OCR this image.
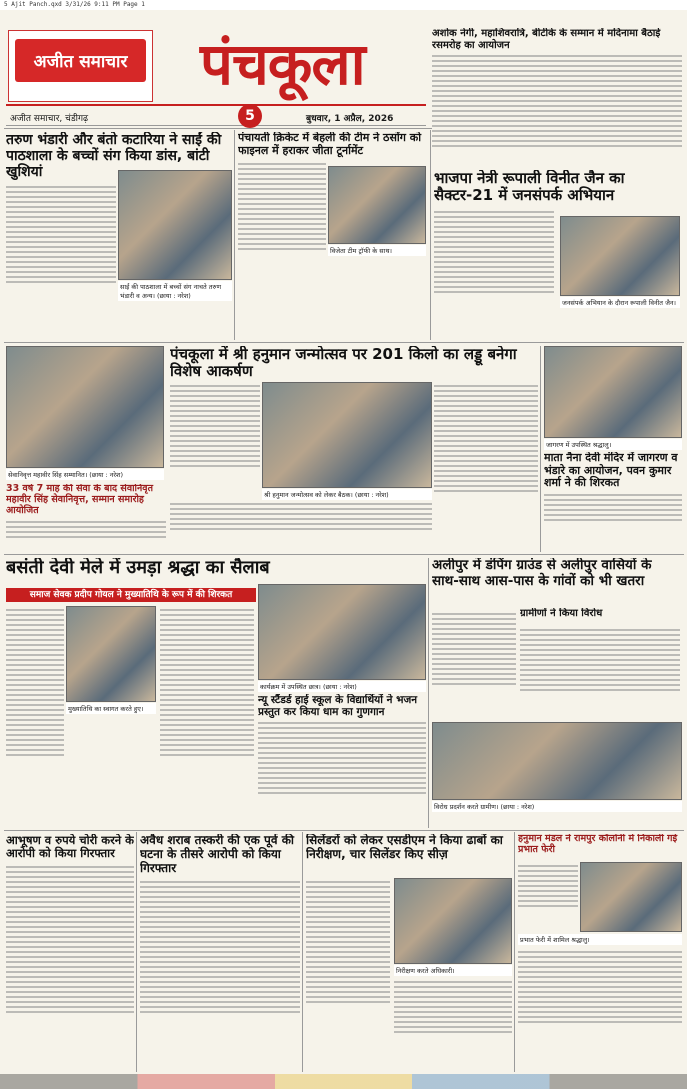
5 Ajit Panch.qxd 3/31/26 9:11 PM Page 1
अजीत समाचार	पंचकूला
अजीत समाचार, चंडीगढ़	5	बुधवार, 1 अप्रैल, 2026
अशोक नेगी, महाशिवरात्रि, बीटीके के सम्मान में मदिनामा बैठाई रसमरोह का आयोजन
तरुण भंडारी और बंतो कटारिया ने साईं की पाठशाला के बच्चों संग किया डांस, बांटी खुशियां
साईं की पाठशाला में बच्चों संग नाचते तरुण भंडारी व अन्य। (छाया : नरेश)
पंचायती क्रिकेट में बेहली की टीम ने ठसोंग को फाइनल में हराकर जीता टूर्नामेंट
विजेता टीम ट्रॉफी के साथ।
भाजपा नेत्री रूपाली विनीत जैन का सैक्टर-21 में जनसंपर्क अभियान
जनसंपर्क अभियान के दौरान रूपाली विनीत जैन।
पंचकूला में श्री हनुमान जन्मोत्सव पर 201 किलो का लड्डू बनेगा विशेष आकर्षण
सेवानिवृत्त महावीर सिंह सम्मानित। (छाया : नरेश)
श्री हनुमान जन्मोत्सव को लेकर बैठक। (छाया : नरेश)
33 वर्ष 7 माह की सेवा के बाद सेवानिवृत महावीर सिंह सेवानिवृत्त, सम्मान समारोह आयोजित
जागरण में उपस्थित श्रद्धालु।
माता नैना देवी मंदिर में जागरण व भंडारे का आयोजन, पवन कुमार शर्मा ने की शिरकत
बसंती देवी मेले में उमड़ा श्रद्धा का सैलाब
समाज सेवक प्रदीप गोयल ने मुख्यातिथि के रूप में की शिरकत
मुख्यातिथि का स्वागत करते हुए।
कार्यक्रम में उपस्थित छात्र। (छाया : नरेश)
न्यू स्टैंडर्ड हाई स्कूल के विद्यार्थियों ने भजन प्रस्तुत कर किया धाम का गुणगान
अलीपुर में डंपिंग ग्राउंड से अलीपुर वासियों के साथ-साथ आस-पास के गांवों को भी खतरा
ग्रामीणों ने किया विरोध
विरोध प्रदर्शन करते ग्रामीण। (छाया : नरेश)
आभूषण व रुपये चोरी करने के आरोपी को किया गिरफ्तार
अवैध शराब तस्करी की एक पूर्व की घटना के तीसरे आरोपी को किया गिरफ्तार
सिलेंडरों को लेकर एसडीएम ने किया ढाबों का निरीक्षण, चार सिलेंडर किए सीज़
निरीक्षण करते अधिकारी।
हनुमान मंडल ने रामपुर कॉलोनी में निकाली गई प्रभात फेरी
प्रभात फेरी में शामिल श्रद्धालु।
